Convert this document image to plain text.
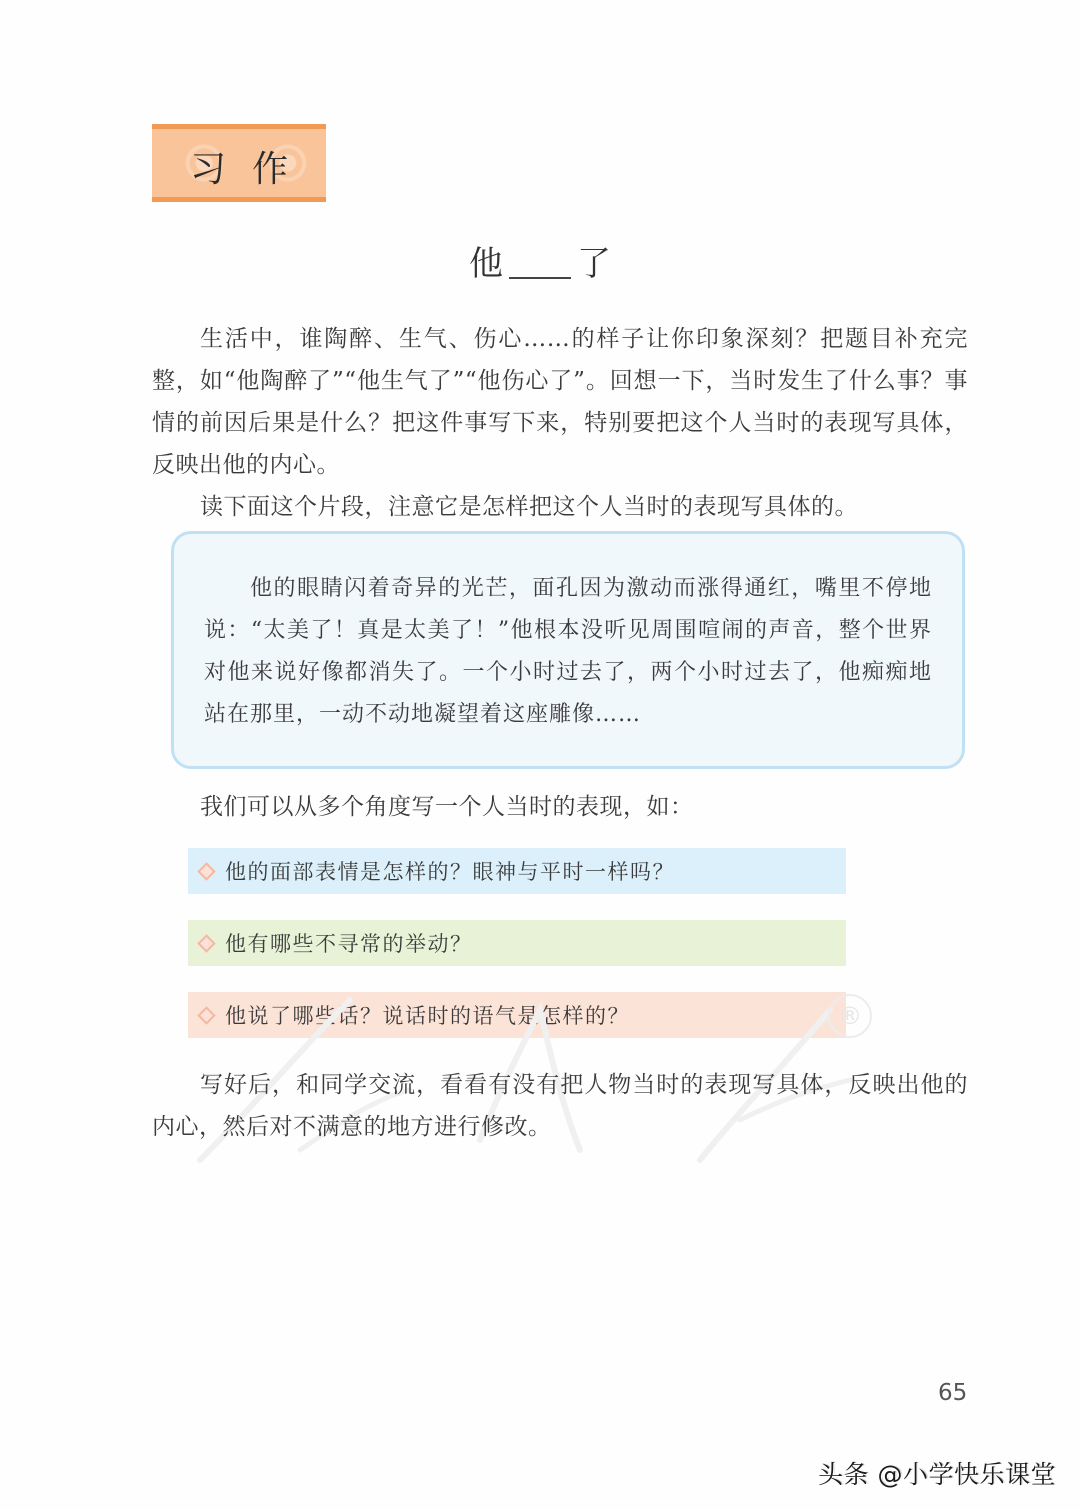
习作
他 了

生活中，谁陶醉、生气、伤心……的样子让你印象深刻？把题目补充完整，如“他陶醉了”“他生气了”“他伤心了”。回想一下，当时发生了什么事？事情的前因后果是什么？把这件事写下来，特别要把这个人当时的表现写具体，反映出他的内心。

读下面这个片段，注意它是怎样把这个人当时的表现写具体的。

他的眼睛闪着奇异的光芒，面孔因为激动而涨得通红，嘴里不停地说：“太美了！真是太美了！”他根本没听见周围喧闹的声音，整个世界对他来说好像都消失了。一个小时过去了，两个小时过去了，他痴痴地站在那里，一动不动地凝望着这座雕像……

我们可以从多个角度写一个人当时的表现，如：

他的面部表情是怎样的？眼神与平时一样吗？
他有哪些不寻常的举动？
他说了哪些话？说话时的语气是怎样的？	®

写好后，和同学交流，看看有没有把人物当时的表现写具体，反映出他的内心，然后对不满意的地方进行修改。

65
头条 @小学快乐课堂
